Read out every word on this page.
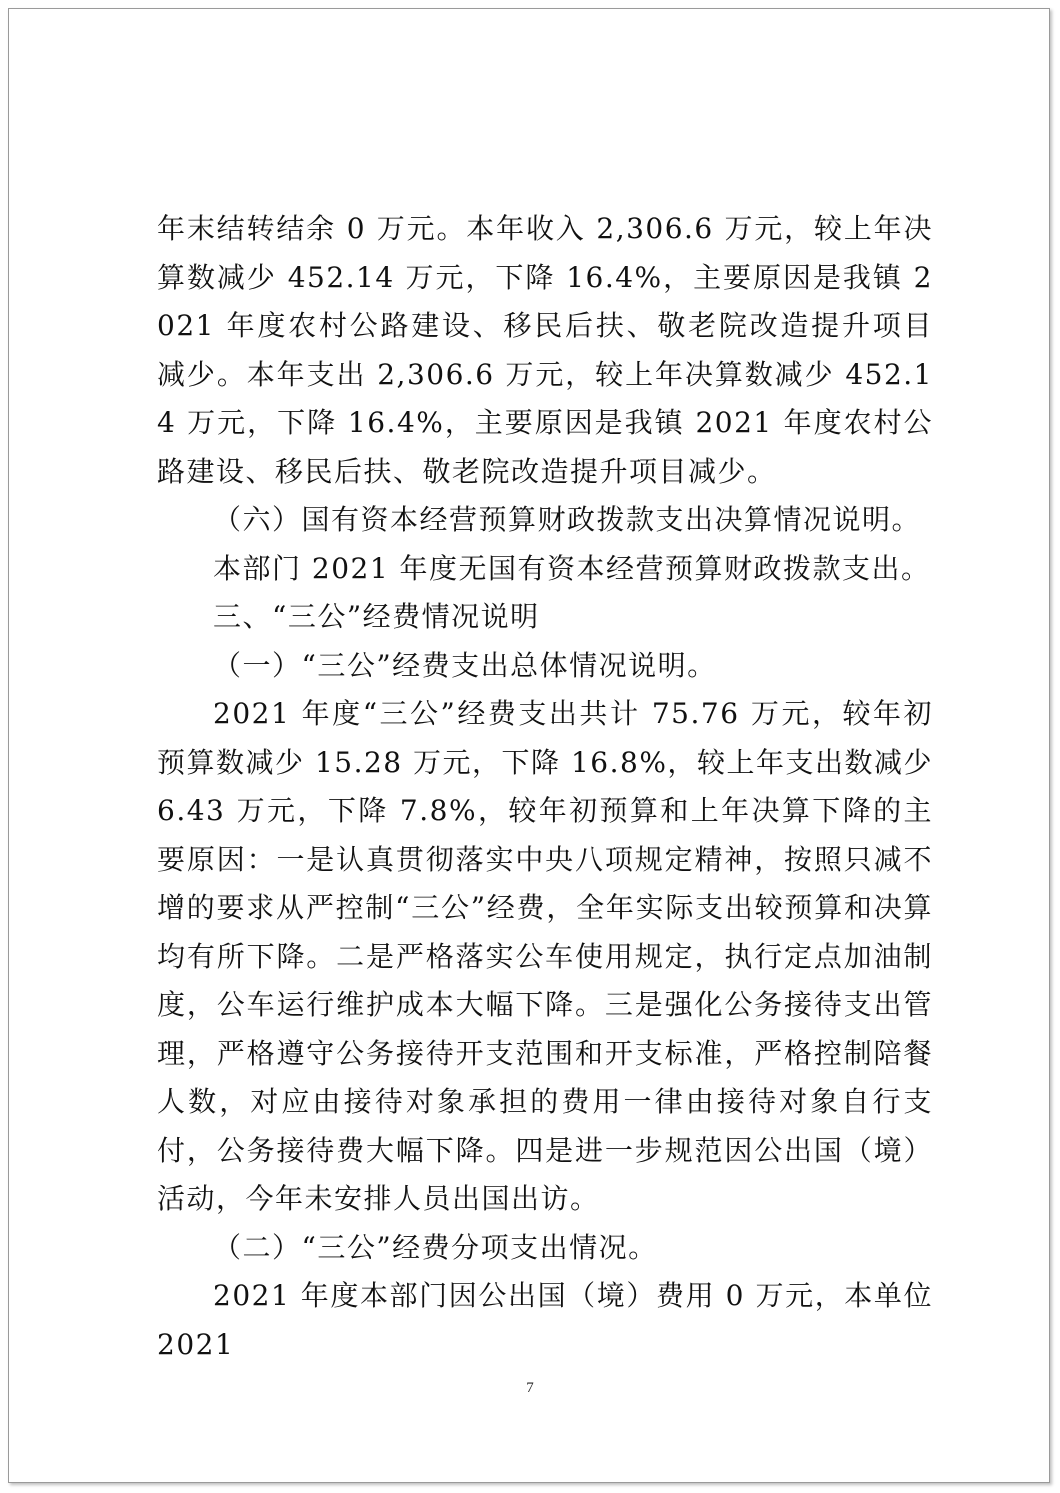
年末结转结余 0 万元。本年收入 2,306.6 万元，较上年决算数减少 452.14 万元，下降 16.4%，主要原因是我镇 2021 年度农村公路建设、移民后扶、敬老院改造提升项目减少。本年支出 2,306.6 万元，较上年决算数减少 452.14 万元，下降 16.4%，主要原因是我镇 2021 年度农村公路建设、移民后扶、敬老院改造提升项目减少。

（六）国有资本经营预算财政拨款支出决算情况说明。

本部门 2021 年度无国有资本经营预算财政拨款支出。

三、“三公”经费情况说明

（一）“三公”经费支出总体情况说明。

2021 年度“三公”经费支出共计 75.76 万元，较年初预算数减少 15.28 万元，下降 16.8%，较上年支出数减少 6.43 万元，下降 7.8%，较年初预算和上年决算下降的主要原因：一是认真贯彻落实中央八项规定精神，按照只减不增的要求从严控制“三公”经费，全年实际支出较预算和决算均有所下降。二是严格落实公车使用规定，执行定点加油制度，公车运行维护成本大幅下降。三是强化公务接待支出管理，严格遵守公务接待开支范围和开支标准，严格控制陪餐人数，对应由接待对象承担的费用一律由接待对象自行支付，公务接待费大幅下降。四是进一步规范因公出国（境）活动，今年未安排人员出国出访。

（二）“三公”经费分项支出情况。

2021 年度本部门因公出国（境）费用 0 万元，本单位 2021

7
